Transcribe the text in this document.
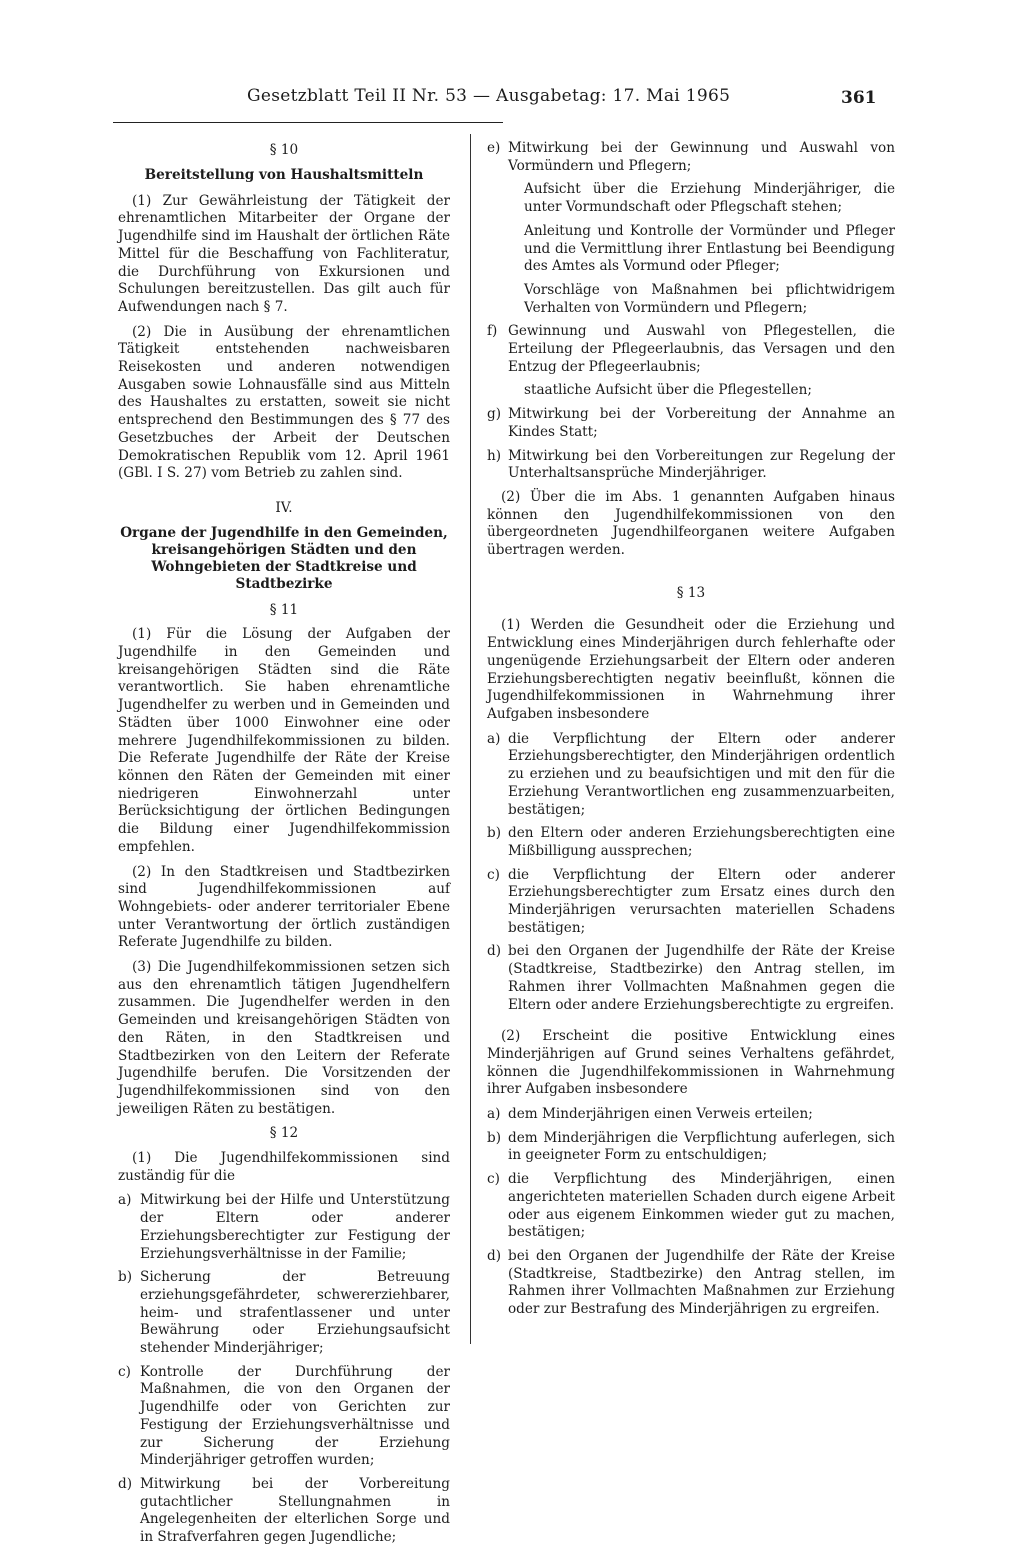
Gesetzblatt Teil II Nr. 53 — Ausgabetag: 17. Mai 1965	361
§ 10
Bereitstellung von Haushaltsmitteln

(1) Zur Gewährleistung der Tätigkeit der ehrenamtlichen Mitarbeiter der Organe der Jugendhilfe sind im Haushalt der örtlichen Räte Mittel für die Beschaffung von Fachliteratur, die Durchführung von Exkursionen und Schulungen bereitzustellen. Das gilt auch für Aufwendungen nach § 7.

(2) Die in Ausübung der ehrenamtlichen Tätigkeit entstehenden nachweisbaren Reisekosten und anderen notwendigen Ausgaben sowie Lohnausfälle sind aus Mitteln des Haushaltes zu erstatten, soweit sie nicht entsprechend den Bestimmungen des § 77 des Gesetzbuches der Arbeit der Deutschen Demokratischen Republik vom 12. April 1961 (GBl. I S. 27) vom Betrieb zu zahlen sind.

IV.
Organe der Jugendhilfe in den Gemeinden, kreisangehörigen Städten und den Wohngebieten der Stadtkreise und Stadtbezirke
§ 11

(1) Für die Lösung der Aufgaben der Jugendhilfe in den Gemeinden und kreisangehörigen Städten sind die Räte verantwortlich. Sie haben ehrenamtliche Jugendhelfer zu werben und in Gemeinden und Städten über 1000 Einwohner eine oder mehrere Jugendhilfekommissionen zu bilden. Die Referate Jugendhilfe der Räte der Kreise können den Räten der Gemeinden mit einer niedrigeren Einwohnerzahl unter Berücksichtigung der örtlichen Bedingungen die Bildung einer Jugendhilfekommission empfehlen.

(2) In den Stadtkreisen und Stadtbezirken sind Jugendhilfekommissionen auf Wohngebiets- oder anderer territorialer Ebene unter Verantwortung der örtlich zuständigen Referate Jugendhilfe zu bilden.

(3) Die Jugendhilfekommissionen setzen sich aus den ehrenamtlich tätigen Jugendhelfern zusammen. Die Jugendhelfer werden in den Gemeinden und kreisangehörigen Städten von den Räten, in den Stadtkreisen und Stadtbezirken von den Leitern der Referate Jugendhilfe berufen. Die Vorsitzenden der Jugendhilfekommissionen sind von den jeweiligen Räten zu bestätigen.

§ 12

(1) Die Jugendhilfekommissionen sind zuständig für die

a) Mitwirkung bei der Hilfe und Unterstützung der Eltern oder anderer Erziehungsberechtigter zur Festigung der Erziehungsverhältnisse in der Familie;
b) Sicherung der Betreuung erziehungsgefährdeter, schwererziehbarer, heim- und strafentlassener und unter Bewährung oder Erziehungsaufsicht stehender Minderjähriger;
c) Kontrolle der Durchführung der Maßnahmen, die von den Organen der Jugendhilfe oder von Gerichten zur Festigung der Erziehungsverhältnisse und zur Sicherung der Erziehung Minderjähriger getroffen wurden;
d) Mitwirkung bei der Vorbereitung gutachtlicher Stellungnahmen in Angelegenheiten der elterlichen Sorge und in Strafverfahren gegen Jugendliche;
e) Mitwirkung bei der Gewinnung und Auswahl von Vormündern und Pflegern;
Aufsicht über die Erziehung Minderjähriger, die unter Vormundschaft oder Pflegschaft stehen;
Anleitung und Kontrolle der Vormünder und Pfleger und die Vermittlung ihrer Entlastung bei Beendigung des Amtes als Vormund oder Pfleger;
Vorschläge von Maßnahmen bei pflichtwidrigem Verhalten von Vormündern und Pflegern;
f) Gewinnung und Auswahl von Pflegestellen, die Erteilung der Pflegeerlaubnis, das Versagen und den Entzug der Pflegeerlaubnis;
staatliche Aufsicht über die Pflegestellen;
g) Mitwirkung bei der Vorbereitung der Annahme an Kindes Statt;
h) Mitwirkung bei den Vorbereitungen zur Regelung der Unterhaltsansprüche Minderjähriger.

(2) Über die im Abs. 1 genannten Aufgaben hinaus können den Jugendhilfekommissionen von den übergeordneten Jugendhilfeorganen weitere Aufgaben übertragen werden.

§ 13

(1) Werden die Gesundheit oder die Erziehung und Entwicklung eines Minderjährigen durch fehlerhafte oder ungenügende Erziehungsarbeit der Eltern oder anderen Erziehungsberechtigten negativ beeinflußt, können die Jugendhilfekommissionen in Wahrnehmung ihrer Aufgaben insbesondere

a) die Verpflichtung der Eltern oder anderer Erziehungsberechtigter, den Minderjährigen ordentlich zu erziehen und zu beaufsichtigen und mit den für die Erziehung Verantwortlichen eng zusammenzuarbeiten, bestätigen;
b) den Eltern oder anderen Erziehungsberechtigten eine Mißbilligung aussprechen;
c) die Verpflichtung der Eltern oder anderer Erziehungsberechtigter zum Ersatz eines durch den Minderjährigen verursachten materiellen Schadens bestätigen;
d) bei den Organen der Jugendhilfe der Räte der Kreise (Stadtkreise, Stadtbezirke) den Antrag stellen, im Rahmen ihrer Vollmachten Maßnahmen gegen die Eltern oder andere Erziehungsberechtigte zu ergreifen.

(2) Erscheint die positive Entwicklung eines Minderjährigen auf Grund seines Verhaltens gefährdet, können die Jugendhilfekommissionen in Wahrnehmung ihrer Aufgaben insbesondere

a) dem Minderjährigen einen Verweis erteilen;
b) dem Minderjährigen die Verpflichtung auferlegen, sich in geeigneter Form zu entschuldigen;
c) die Verpflichtung des Minderjährigen, einen angerichteten materiellen Schaden durch eigene Arbeit oder aus eigenem Einkommen wieder gut zu machen, bestätigen;
d) bei den Organen der Jugendhilfe der Räte der Kreise (Stadtkreise, Stadtbezirke) den Antrag stellen, im Rahmen ihrer Vollmachten Maßnahmen zur Erziehung oder zur Bestrafung des Minderjährigen zu ergreifen.
